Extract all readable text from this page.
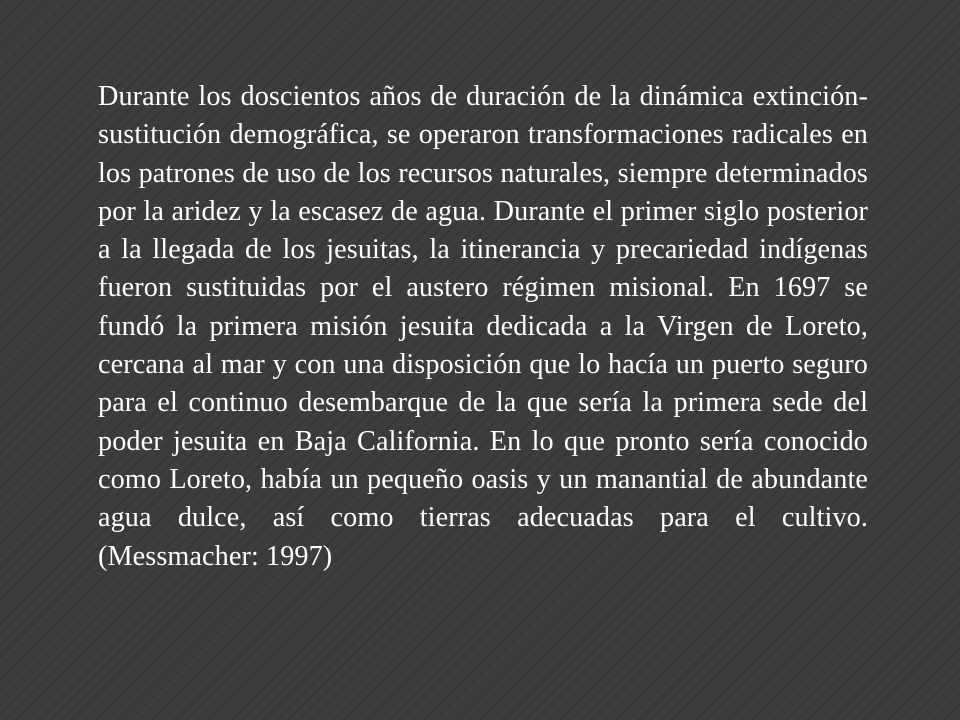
Durante los doscientos años de duración de la dinámica extinción-sustitución demográfica, se operaron transformaciones radicales en los patrones de uso de los recursos naturales, siempre determinados por la aridez y la escasez de agua. Durante el primer siglo posterior a la llegada de los jesuitas, la itinerancia y precariedad indígenas fueron sustituidas por el austero régimen misional. En 1697 se fundó la primera misión jesuita dedicada a la Virgen de Loreto, cercana al mar y con una disposición que lo hacía un puerto seguro para el continuo desembarque de la que sería la primera sede del poder jesuita en Baja California. En lo que pronto sería conocido como Loreto, había un pequeño oasis y un manantial de abundante agua dulce, así como tierras adecuadas para el cultivo. (Messmacher: 1997)
